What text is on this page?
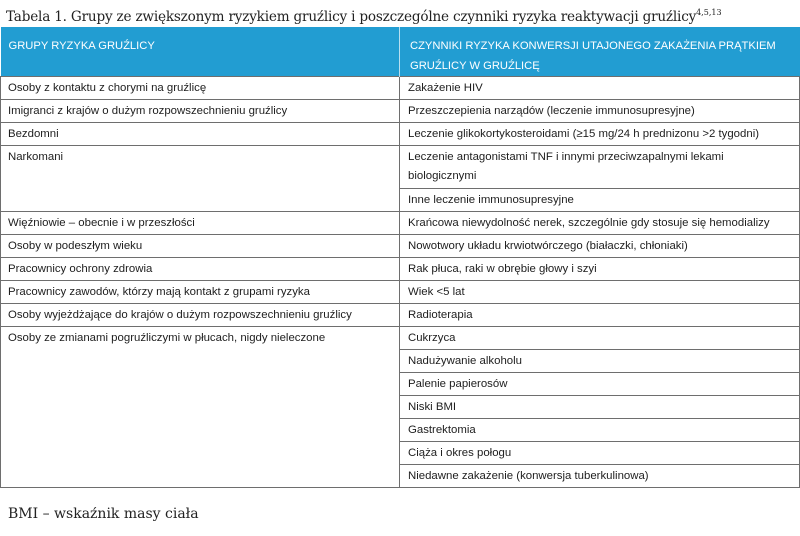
Tabela 1. Grupy ze zwiększonym ryzykiem gruźlicy i poszczególne czynniki ryzyka reaktywacji gruźlicy$^{4,5,13}$
GRUPY RYZYKA GRUŹLICY	CZYNNIKI RYZYKA KONWERSJI UTAJONEGO ZAKAŻENIA PRĄTKIEM GRUŹLICY W GRUŹLICĘ
Osoby z kontaktu z chorymi na gruźlicę	Zakażenie HIV
Imigranci z krajów o dużym rozpowszechnieniu gruźlicy	Przeszczepienia narządów (leczenie immunosupresyjne)
Bezdomni	Leczenie glikokortykosteroidami (≥15 mg/24 h prednizonu >2 tygodni)
Narkomani	Leczenie antagonistami TNF i innymi przeciwzapalnymi lekami biologicznymi
	Inne leczenie immunosupresyjne
Więźniowie – obecnie i w przeszłości	Krańcowa niewydolność nerek, szczególnie gdy stosuje się hemodializy
Osoby w podeszłym wieku	Nowotwory układu krwiotwórczego (białaczki, chłoniaki)
Pracownicy ochrony zdrowia	Rak płuca, raki w obrębie głowy i szyi
Pracownicy zawodów, którzy mają kontakt z grupami ryzyka	Wiek <5 lat
Osoby wyjeżdżające do krajów o dużym rozpowszechnieniu gruźlicy	Radioterapia
Osoby ze zmianami pogruźliczymi w płucach, nigdy nieleczone	Cukrzyca
	Nadużywanie alkoholu
	Palenie papierosów
	Niski BMI
	Gastrektomia
	Ciąża i okres połogu
	Niedawne zakażenie (konwersja tuberkulinowa)
BMI – wskaźnik masy ciała
